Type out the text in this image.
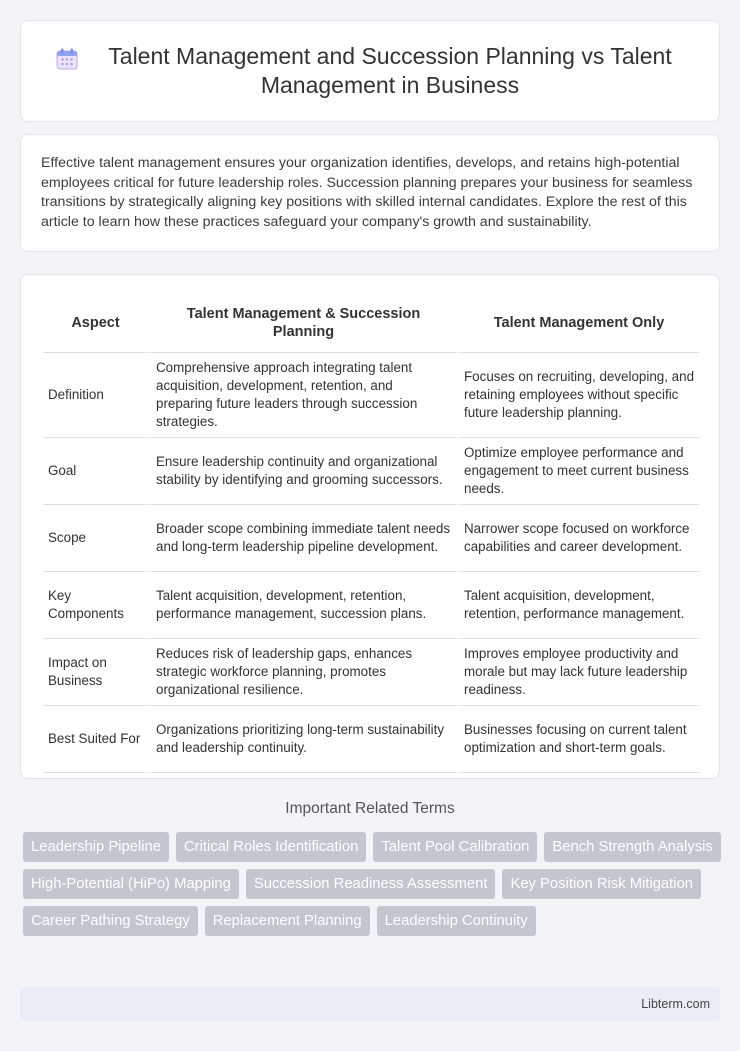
Talent Management and Succession Planning vs Talent Management in Business

Effective talent management ensures your organization identifies, develops, and retains high-potential employees critical for future leadership roles. Succession planning prepares your business for seamless transitions by strategically aligning key positions with skilled internal candidates. Explore the rest of this article to learn how these practices safeguard your company's growth and sustainability.

Aspect	Talent Management & Succession Planning	Talent Management Only
Definition	Comprehensive approach integrating talent acquisition, development, retention, and preparing future leaders through succession strategies.	Focuses on recruiting, developing, and retaining employees without specific future leadership planning.
Goal	Ensure leadership continuity and organizational stability by identifying and grooming successors.	Optimize employee performance and engagement to meet current business needs.
Scope	Broader scope combining immediate talent needs and long-term leadership pipeline development.	Narrower scope focused on workforce capabilities and career development.
Key Components	Talent acquisition, development, retention, performance management, succession plans.	Talent acquisition, development, retention, performance management.
Impact on Business	Reduces risk of leadership gaps, enhances strategic workforce planning, promotes organizational resilience.	Improves employee productivity and morale but may lack future leadership readiness.
Best Suited For	Organizations prioritizing long-term sustainability and leadership continuity.	Businesses focusing on current talent optimization and short-term goals.
Important Related Terms
Leadership Pipeline	Critical Roles Identification	Talent Pool Calibration	Bench Strength Analysis
High-Potential (HiPo) Mapping	Succession Readiness Assessment	Key Position Risk Mitigation
Career Pathing Strategy	Replacement Planning	Leadership Continuity
Libterm.com
